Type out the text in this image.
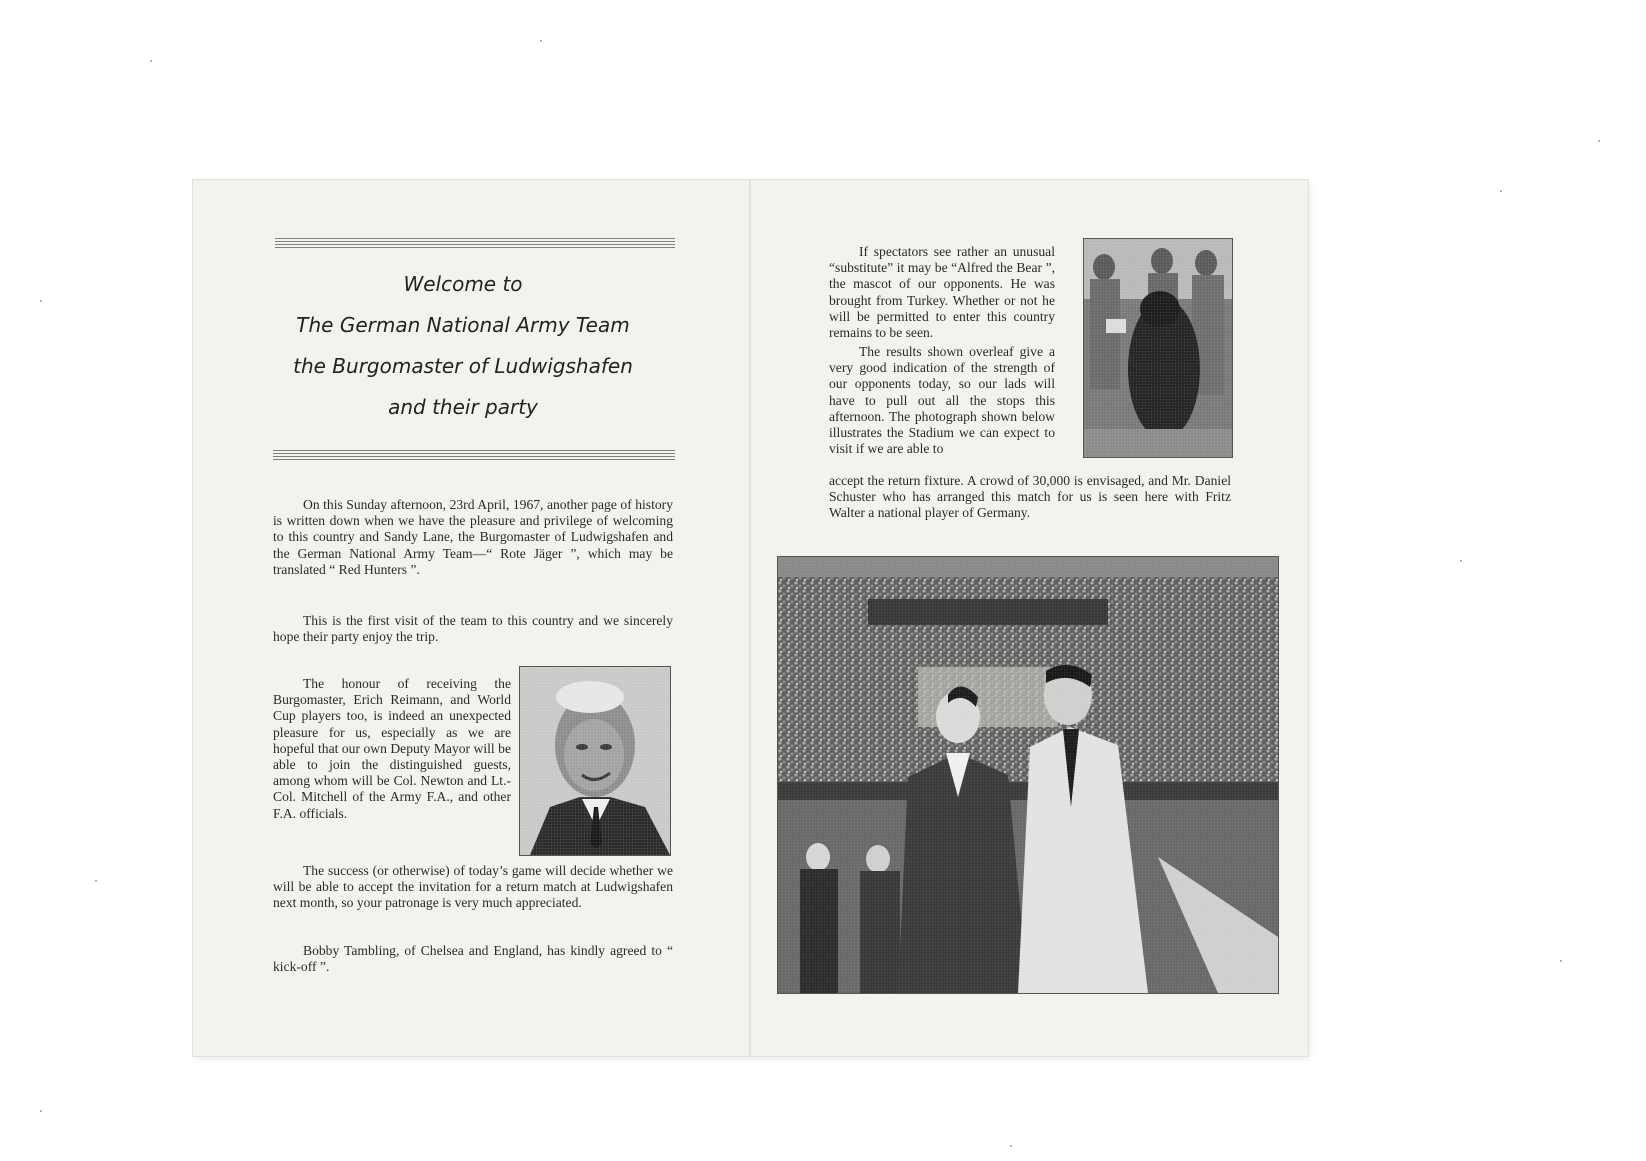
Welcome to
The German National Army Team
the Burgomaster of Ludwigshafen
and their party

On this Sunday afternoon, 23rd April, 1967, another page of history is written down when we have the pleasure and privilege of welcoming to this country and Sandy Lane, the Burgomaster of Ludwigshafen and the German National Army Team—“ Rote Jäger ”, which may be translated “ Red Hunters ”.

This is the first visit of the team to this country and we sincerely hope their party enjoy the trip.

The honour of receiving the Burgomaster, Erich Reimann, and World Cup players too, is indeed an unexpected pleasure for us, especially as we are hopeful that our own Deputy Mayor will be able to join the distinguished guests, among whom will be Col. Newton and Lt.-Col. Mitchell of the Army F.A., and other F.A. officials.

The success (or otherwise) of today’s game will decide whether we will be able to accept the invitation for a return match at Ludwigshafen next month, so your patronage is very much appreciated.

Bobby Tambling, of Chelsea and England, has kindly agreed to “ kick-off ”.

If spectators see rather an unusual “substitute” it may be “Alfred the Bear ”, the mascot of our opponents. He was brought from Turkey. Whether or not he will be permitted to enter this country remains to be seen.

The results shown overleaf give a very good indication of the strength of our opponents today, so our lads will have to pull out all the stops this afternoon. The photograph shown below illustrates the Stadium we can expect to visit if we are able to

accept the return fixture. A crowd of 30,000 is envisaged, and Mr. Daniel Schuster who has arranged this match for us is seen here with Fritz Walter a national player of Germany.
